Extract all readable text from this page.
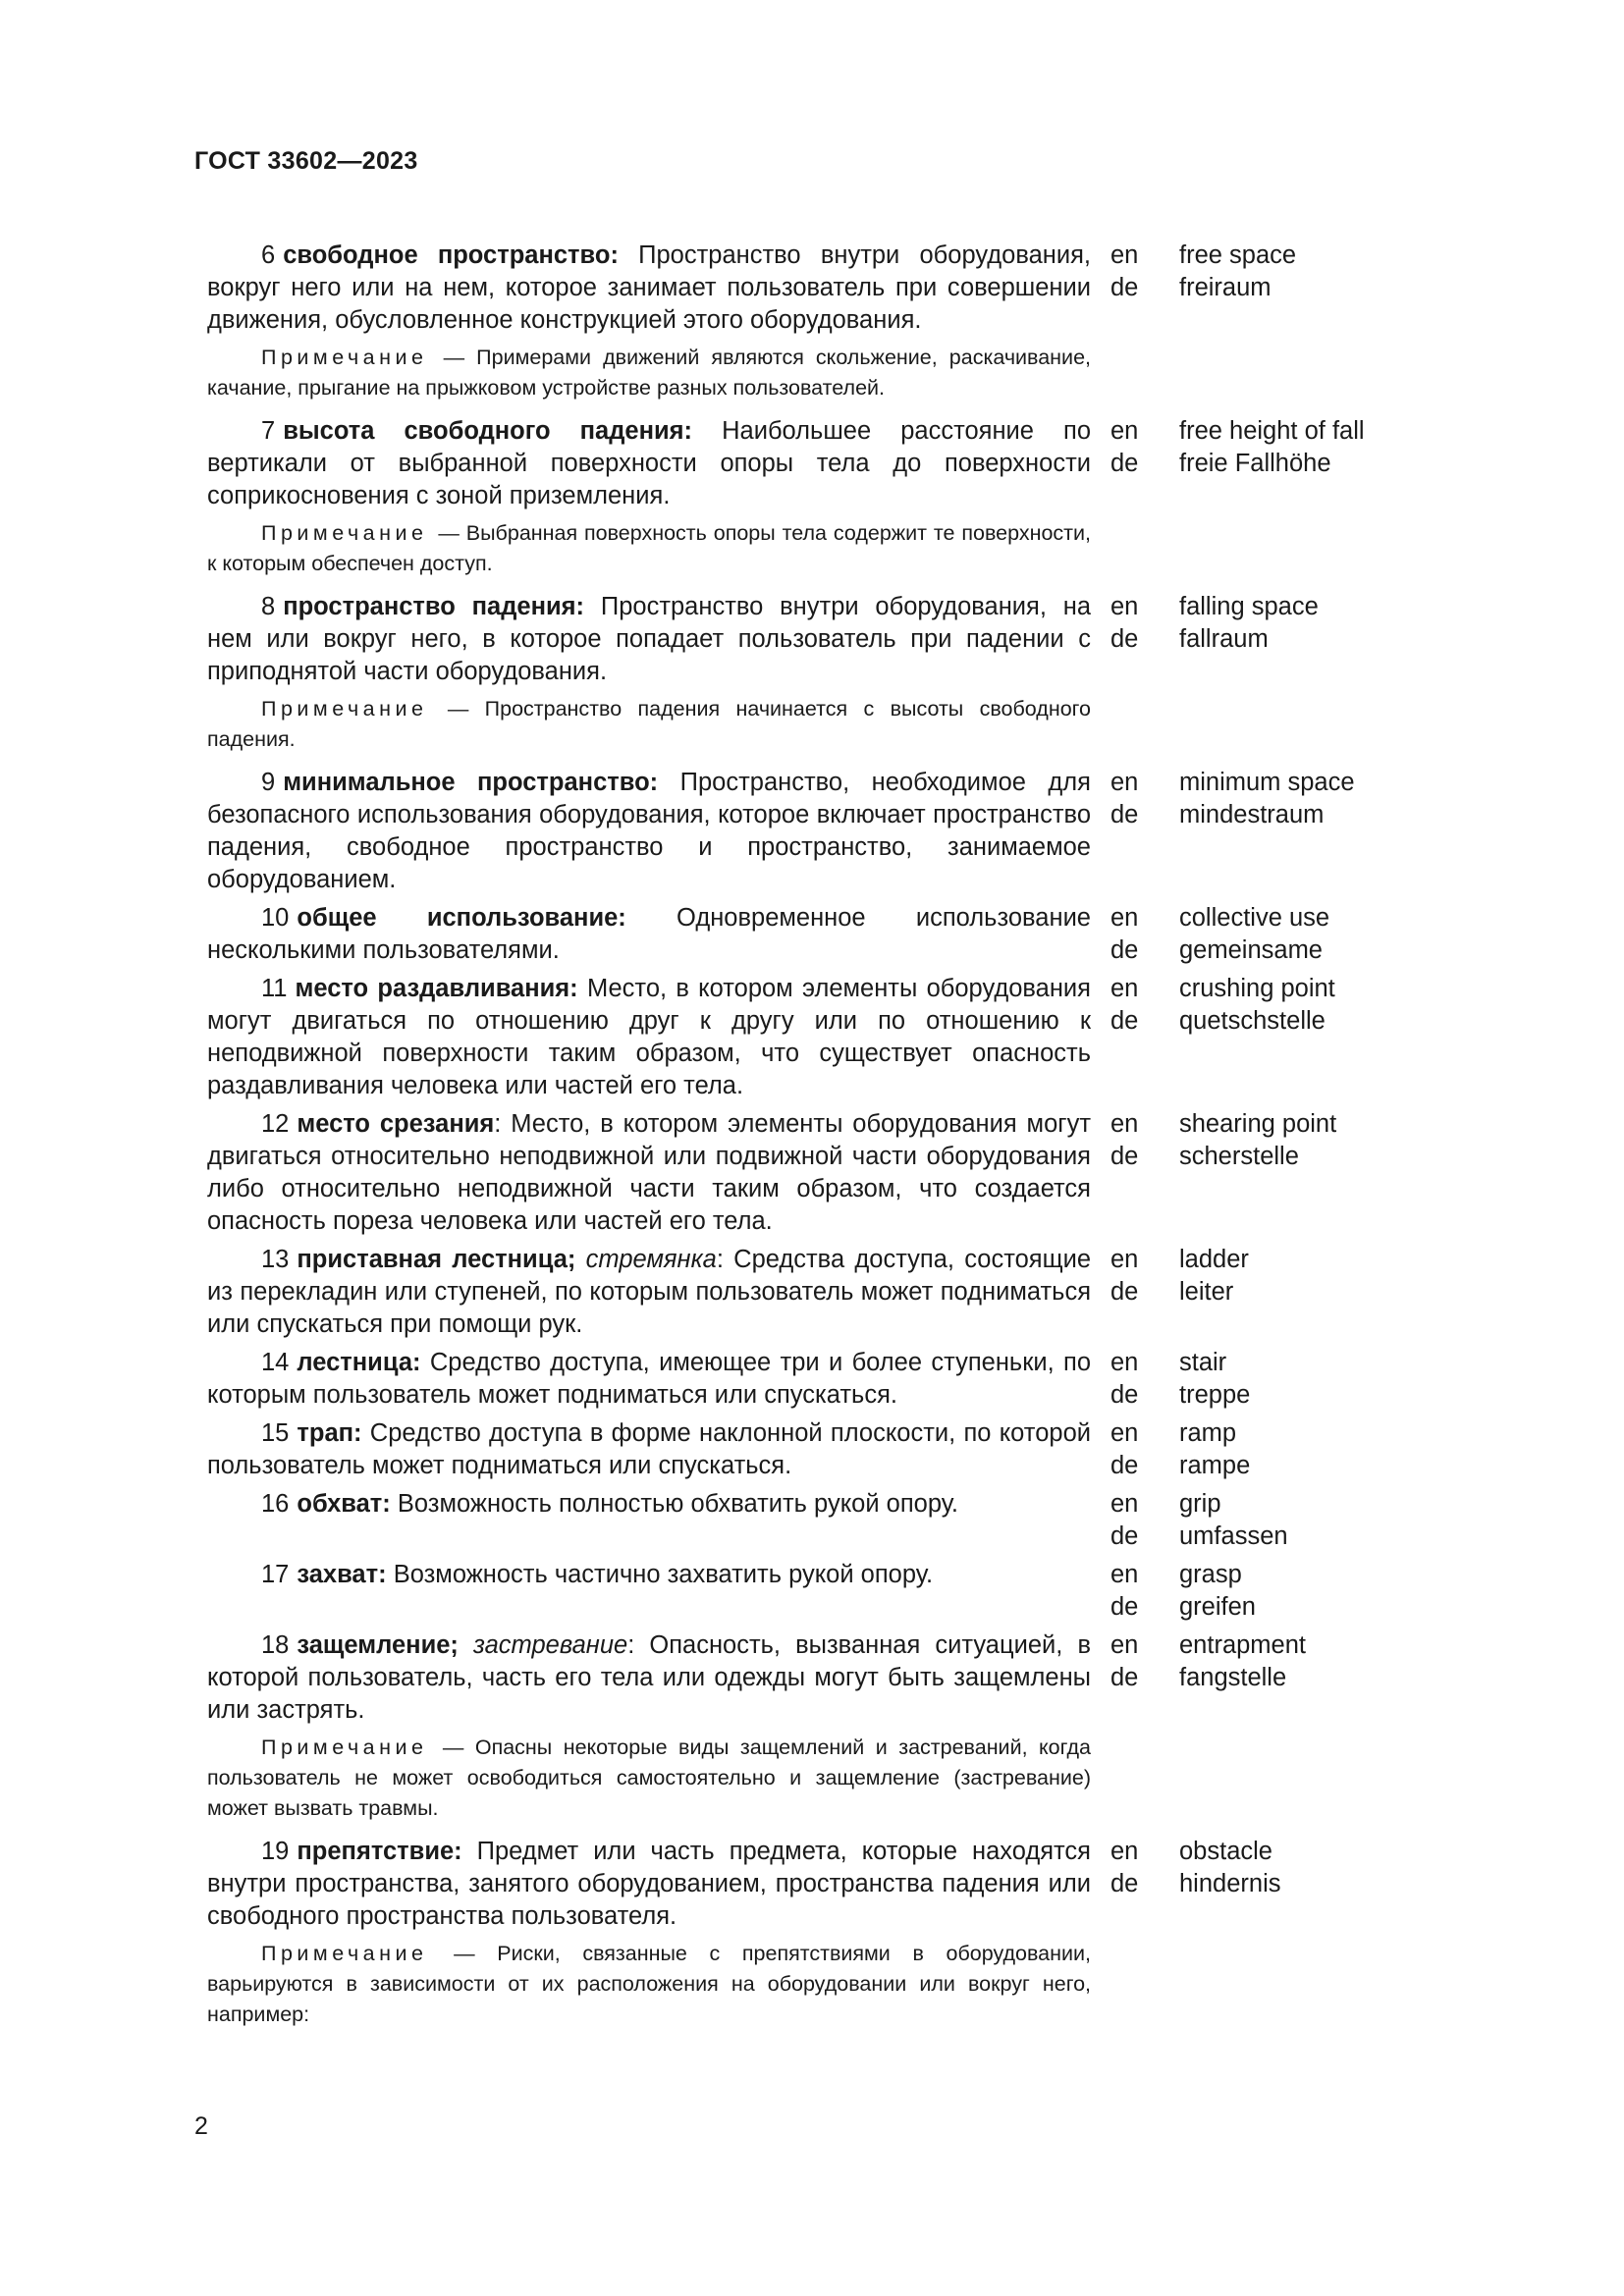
ГОСТ 33602—2023
6 свободное пространство: Пространство внутри оборудования, вокруг него или на нем, которое занимает пользователь при совершении движения, обусловленное конструкцией этого оборудования.
en
de
free space
freiraum
Примечание — Примерами движений являются скольжение, раскачивание, качание, прыгание на прыжковом устройстве разных пользователей.
7 высота свободного падения: Наибольшее расстояние по вертикали от выбранной поверхности опоры тела до поверхности соприкосновения с зоной приземления.
en
de
free height of fall
freie Fallhöhe
Примечание — Выбранная поверхность опоры тела содержит те поверхности, к которым обеспечен доступ.
8 пространство падения: Пространство внутри оборудования, на нем или вокруг него, в которое попадает пользователь при падении с приподнятой части оборудования.
en
de
falling space
fallraum
Примечание — Пространство падения начинается с высоты свободного падения.
9 минимальное пространство: Пространство, необходимое для безопасного использования оборудования, которое включает пространство падения, свободное пространство и пространство, занимаемое оборудованием.
en
de
minimum space
mindestraum
10 общее использование: Одновременное использование несколькими пользователями.
en
de
collective use
gemeinsame
11 место раздавливания: Место, в котором элементы оборудования могут двигаться по отношению друг к другу или по отношению к неподвижной поверхности таким образом, что существует опасность раздавливания человека или частей его тела.
en
de
crushing point
quetschstelle
12 место срезания: Место, в котором элементы оборудования могут двигаться относительно неподвижной или подвижной части оборудования либо относительно неподвижной части таким образом, что создается опасность пореза человека или частей его тела.
en
de
shearing point
scherstelle
13 приставная лестница; стремянка: Средства доступа, состоящие из перекладин или ступеней, по которым пользователь может подниматься или спускаться при помощи рук.
en
de
ladder
leiter
14 лестница: Средство доступа, имеющее три и более ступеньки, по которым пользователь может подниматься или спускаться.
en
de
stair
treppe
15 трап: Средство доступа в форме наклонной плоскости, по которой пользователь может подниматься или спускаться.
en
de
ramp
rampe
16 обхват: Возможность полностью обхватить рукой опору.	en
de
grip
umfassen
17 захват: Возможность частично захватить рукой опору.	en
de
grasp
greifen
18 защемление; застревание: Опасность, вызванная ситуацией, в которой пользователь, часть его тела или одежды могут быть защемлены или застрять.
en
de
entrapment
fangstelle
Примечание — Опасны некоторые виды защемлений и застреваний, когда пользователь не может освободиться самостоятельно и защемление (застревание) может вызвать травмы.
19 препятствие: Предмет или часть предмета, которые находятся внутри пространства, занятого оборудованием, пространства падения или свободного пространства пользователя.
en
de
obstacle
hindernis
Примечание — Риски, связанные с препятствиями в оборудовании, варьируются в зависимости от их расположения на оборудовании или вокруг него, например:
2
